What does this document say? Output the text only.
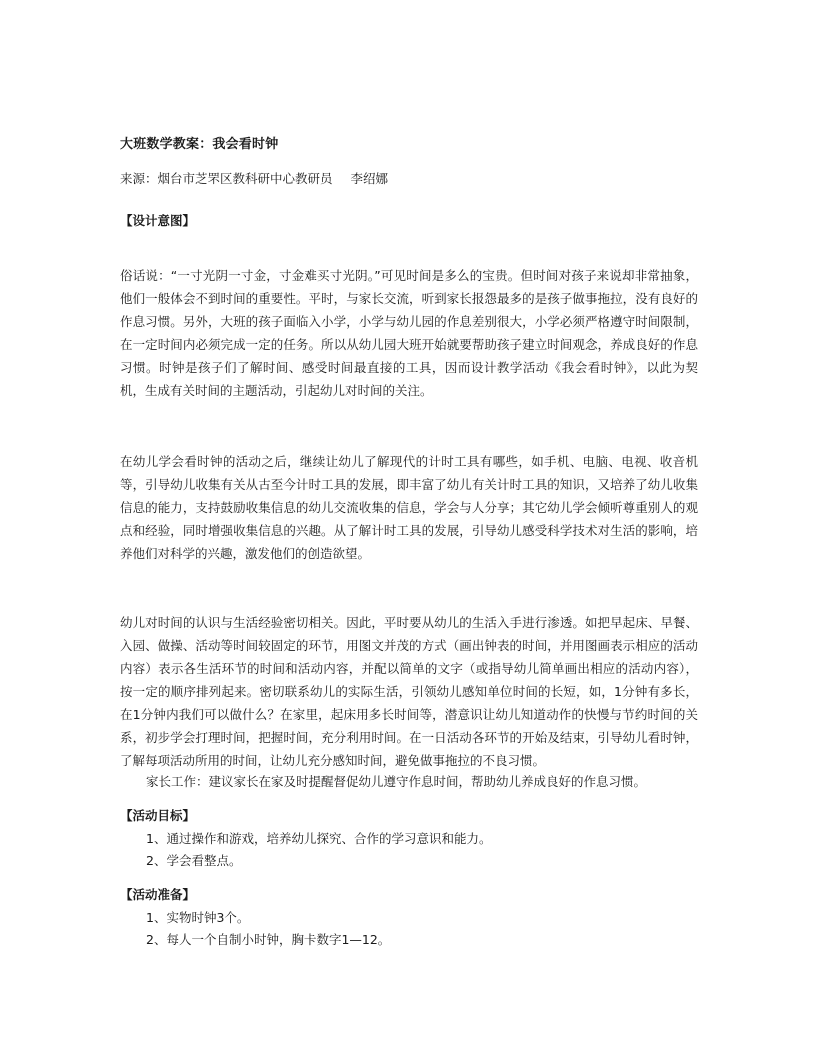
大班数学教案：我会看时钟
来源：烟台市芝罘区教科研中心教研员 李绍娜
【设计意图】

俗话说：“一寸光阴一寸金，寸金难买寸光阴。”可见时间是多么的宝贵。但时间对孩子来说却非常抽象，他们一般体会不到时间的重要性。平时，与家长交流，听到家长报怨最多的是孩子做事拖拉，没有良好的作息习惯。另外，大班的孩子面临入小学，小学与幼儿园的作息差别很大，小学必须严格遵守时间限制，在一定时间内必须完成一定的任务。所以从幼儿园大班开始就要帮助孩子建立时间观念，养成良好的作息习惯。时钟是孩子们了解时间、感受时间最直接的工具，因而设计教学活动《我会看时钟》，以此为契机，生成有关时间的主题活动，引起幼儿对时间的关注。

在幼儿学会看时钟的活动之后，继续让幼儿了解现代的计时工具有哪些，如手机、电脑、电视、收音机等，引导幼儿收集有关从古至今计时工具的发展，即丰富了幼儿有关计时工具的知识，又培养了幼儿收集信息的能力，支持鼓励收集信息的幼儿交流收集的信息，学会与人分享；其它幼儿学会倾听尊重别人的观点和经验，同时增强收集信息的兴趣。从了解计时工具的发展，引导幼儿感受科学技术对生活的影响，培养他们对科学的兴趣，激发他们的创造欲望。

幼儿对时间的认识与生活经验密切相关。因此，平时要从幼儿的生活入手进行渗透。如把早起床、早餐、入园、做操、活动等时间较固定的环节，用图文并茂的方式（画出钟表的时间，并用图画表示相应的活动内容）表示各生活环节的时间和活动内容，并配以简单的文字（或指导幼儿简单画出相应的活动内容），按一定的顺序排列起来。密切联系幼儿的实际生活，引领幼儿感知单位时间的长短，如，1分钟有多长，在1分钟内我们可以做什么？在家里，起床用多长时间等，潜意识让幼儿知道动作的快慢与节约时间的关系，初步学会打理时间，把握时间，充分利用时间。在一日活动各环节的开始及结束，引导幼儿看时钟，了解每项活动所用的时间，让幼儿充分感知时间，避免做事拖拉的不良习惯。

家长工作：建议家长在家及时提醒督促幼儿遵守作息时间，帮助幼儿养成良好的作息习惯。
【活动目标】
1、通过操作和游戏，培养幼儿探究、合作的学习意识和能力。
2、学会看整点。
【活动准备】
1、实物时钟3个。
2、每人一个自制小时钟，胸卡数字1—12。
